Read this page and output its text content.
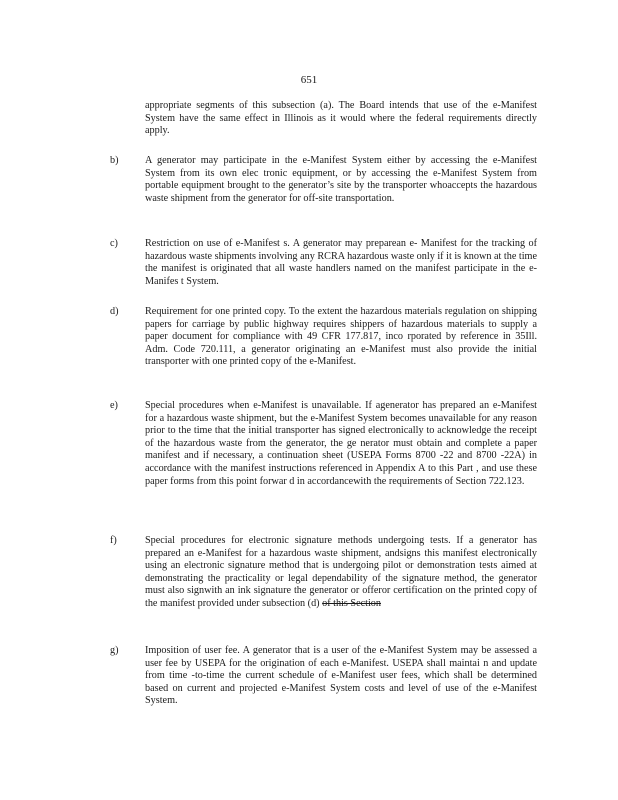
651

appropriate segments of this subsection (a). The Board intends that use of the e-Manifest System have the same effect in Illinois as it would where the federal requirements directly apply.

b)	A generator may participate in the e-Manifest System either by accessing the e-Manifest System from its own elec tronic equipment, or by accessing the e-Manifest System from portable equipment brought to the generator’s site by the transporter whoaccepts the hazardous waste shipment from the generator for off-site transportation.

c)	Restriction on use of e-Manifest s. A generator may preparean e- Manifest for the tracking of hazardous waste shipments involving any RCRA hazardous waste only if it is known at the time the manifest is originated that all waste handlers named on the manifest participate in the e-Manifes t System.

d)	Requirement for one printed copy. To the extent the hazardous materials regulation on shipping papers for carriage by public highway requires shippers of hazardous materials to supply a paper document for compliance with 49 CFR 177.817, inco rporated by reference in 35Ill. Adm. Code 720.111, a generator originating an e-Manifest must also provide the initial transporter with one printed copy of the e-Manifest.

e)	Special procedures when e-Manifest is unavailable. If agenerator has prepared an e-Manifest for a hazardous waste shipment, but the e-Manifest System becomes unavailable for any reason prior to the time that the initial transporter has signed electronically to acknowledge the receipt of the hazardous waste from the generator, the ge nerator must obtain and complete a paper manifest and if necessary, a continuation sheet (USEPA Forms 8700 -22 and 8700 -22A) in accordance with the manifest instructions referenced in Appendix A to this Part , and use these paper forms from this point forwar d in accordancewith the requirements of Section 722.123.

f)	Special procedures for electronic signature methods undergoing tests. If a generator has prepared an e-Manifest for a hazardous waste shipment, andsigns this manifest electronically using an electronic signature method that is undergoing pilot or demonstration tests aimed at demonstrating the practicality or legal dependability of the signature method, the generator must also signwith an ink signature the generator or offeror certification on the printed copy of the manifest provided under subsection (d) of this Section

g)	Imposition of user fee. A generator that is a user of the e-Manifest System may be assessed a user fee by USEPA for the origination of each e-Manifest. USEPA shall maintai n and update from time -to-time the current schedule of e-Manifest user fees, which shall be determined based on current and projected e-Manifest System costs and level of use of the e-Manifest System.
